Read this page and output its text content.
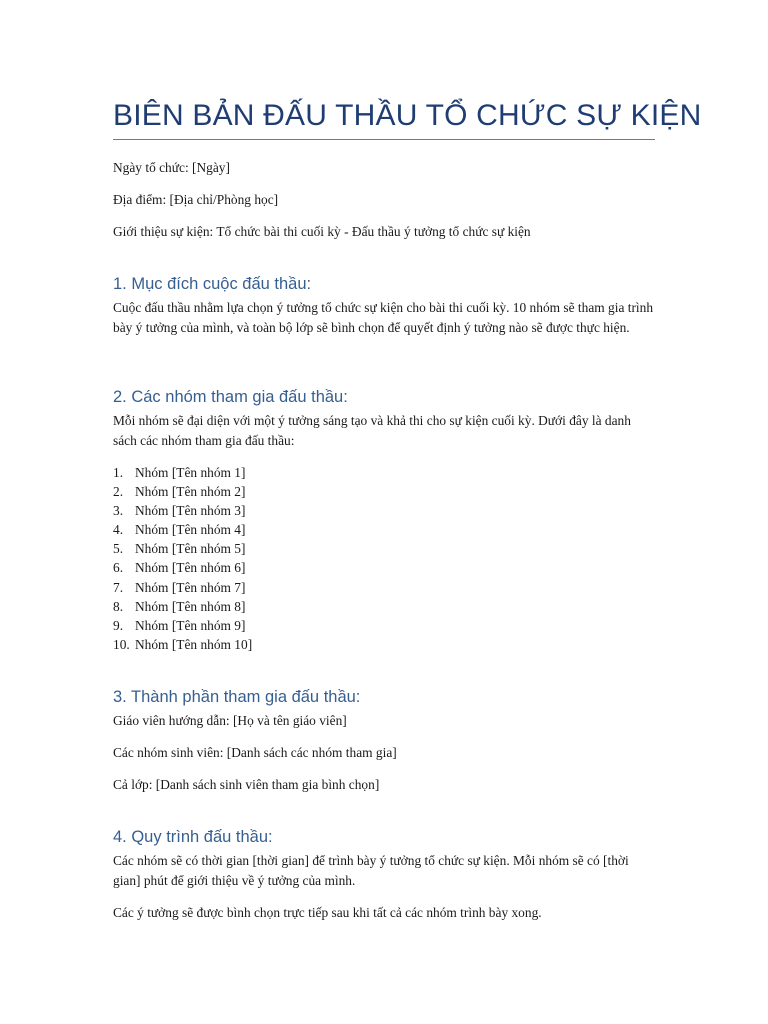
BIÊN BẢN ĐẤU THẦU TỔ CHỨC SỰ KIỆN

Ngày tổ chức: [Ngày]

Địa điểm: [Địa chỉ/Phòng học]

Giới thiệu sự kiện: Tổ chức bài thi cuối kỳ - Đấu thầu ý tưởng tổ chức sự kiện

1. Mục đích cuộc đấu thầu:

Cuộc đấu thầu nhằm lựa chọn ý tưởng tổ chức sự kiện cho bài thi cuối kỳ. 10 nhóm sẽ tham gia trình bày ý tưởng của mình, và toàn bộ lớp sẽ bình chọn để quyết định ý tưởng nào sẽ được thực hiện.

2. Các nhóm tham gia đấu thầu:

Mỗi nhóm sẽ đại diện với một ý tưởng sáng tạo và khả thi cho sự kiện cuối kỳ. Dưới đây là danh sách các nhóm tham gia đấu thầu:

1. Nhóm [Tên nhóm 1]
2. Nhóm [Tên nhóm 2]
3. Nhóm [Tên nhóm 3]
4. Nhóm [Tên nhóm 4]
5. Nhóm [Tên nhóm 5]
6. Nhóm [Tên nhóm 6]
7. Nhóm [Tên nhóm 7]
8. Nhóm [Tên nhóm 8]
9. Nhóm [Tên nhóm 9]
10. Nhóm [Tên nhóm 10]
3. Thành phần tham gia đấu thầu:

Giáo viên hướng dẫn: [Họ và tên giáo viên]

Các nhóm sinh viên: [Danh sách các nhóm tham gia]

Cả lớp: [Danh sách sinh viên tham gia bình chọn]

4. Quy trình đấu thầu:

Các nhóm sẽ có thời gian [thời gian] để trình bày ý tưởng tổ chức sự kiện. Mỗi nhóm sẽ có [thời gian] phút để giới thiệu về ý tưởng của mình.

Các ý tưởng sẽ được bình chọn trực tiếp sau khi tất cả các nhóm trình bày xong.
